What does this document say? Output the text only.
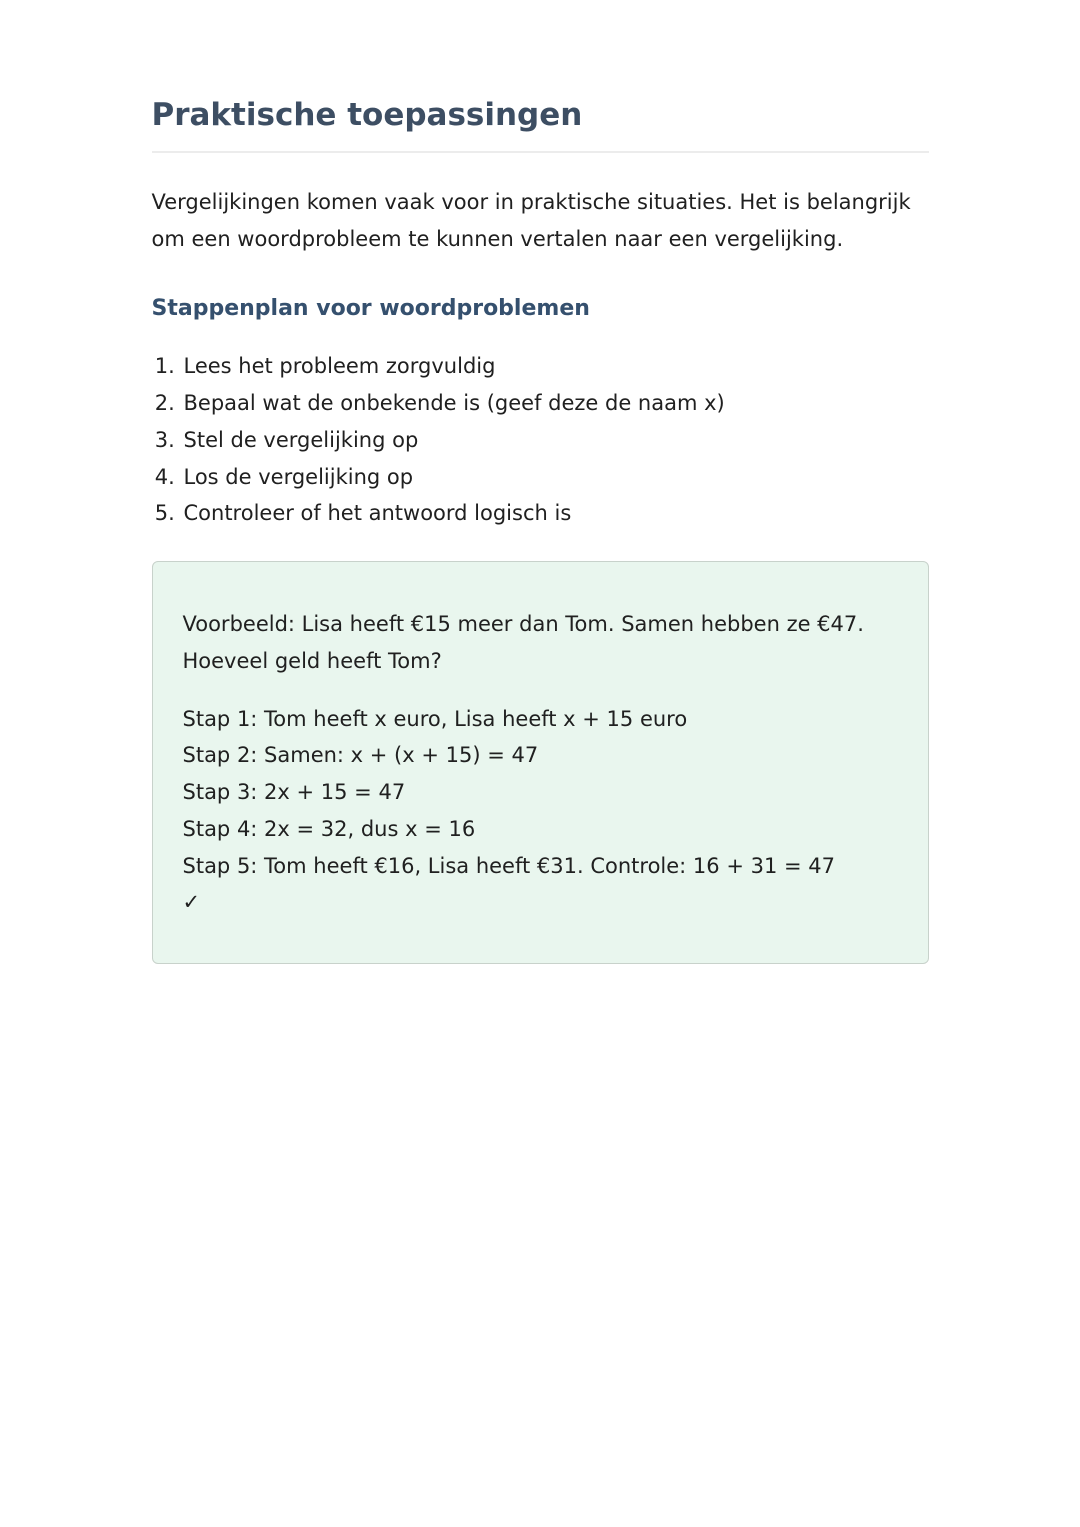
Praktische toepassingen

Vergelijkingen komen vaak voor in praktische situaties. Het is belangrijk om een woordprobleem te kunnen vertalen naar een vergelijking.

Stappenplan voor woordproblemen
1. Lees het probleem zorgvuldig
2. Bepaal wat de onbekende is (geef deze de naam x)
3. Stel de vergelijking op
4. Los de vergelijking op
5. Controleer of het antwoord logisch is
Voorbeeld: Lisa heeft €15 meer dan Tom. Samen hebben ze €47.
Hoeveel geld heeft Tom?
Stap 1: Tom heeft x euro, Lisa heeft x + 15 euro
Stap 2: Samen: x + (x + 15) = 47
Stap 3: 2x + 15 = 47
Stap 4: 2x = 32, dus x = 16
Stap 5: Tom heeft €16, Lisa heeft €31. Controle: 16 + 31 = 47
✓
